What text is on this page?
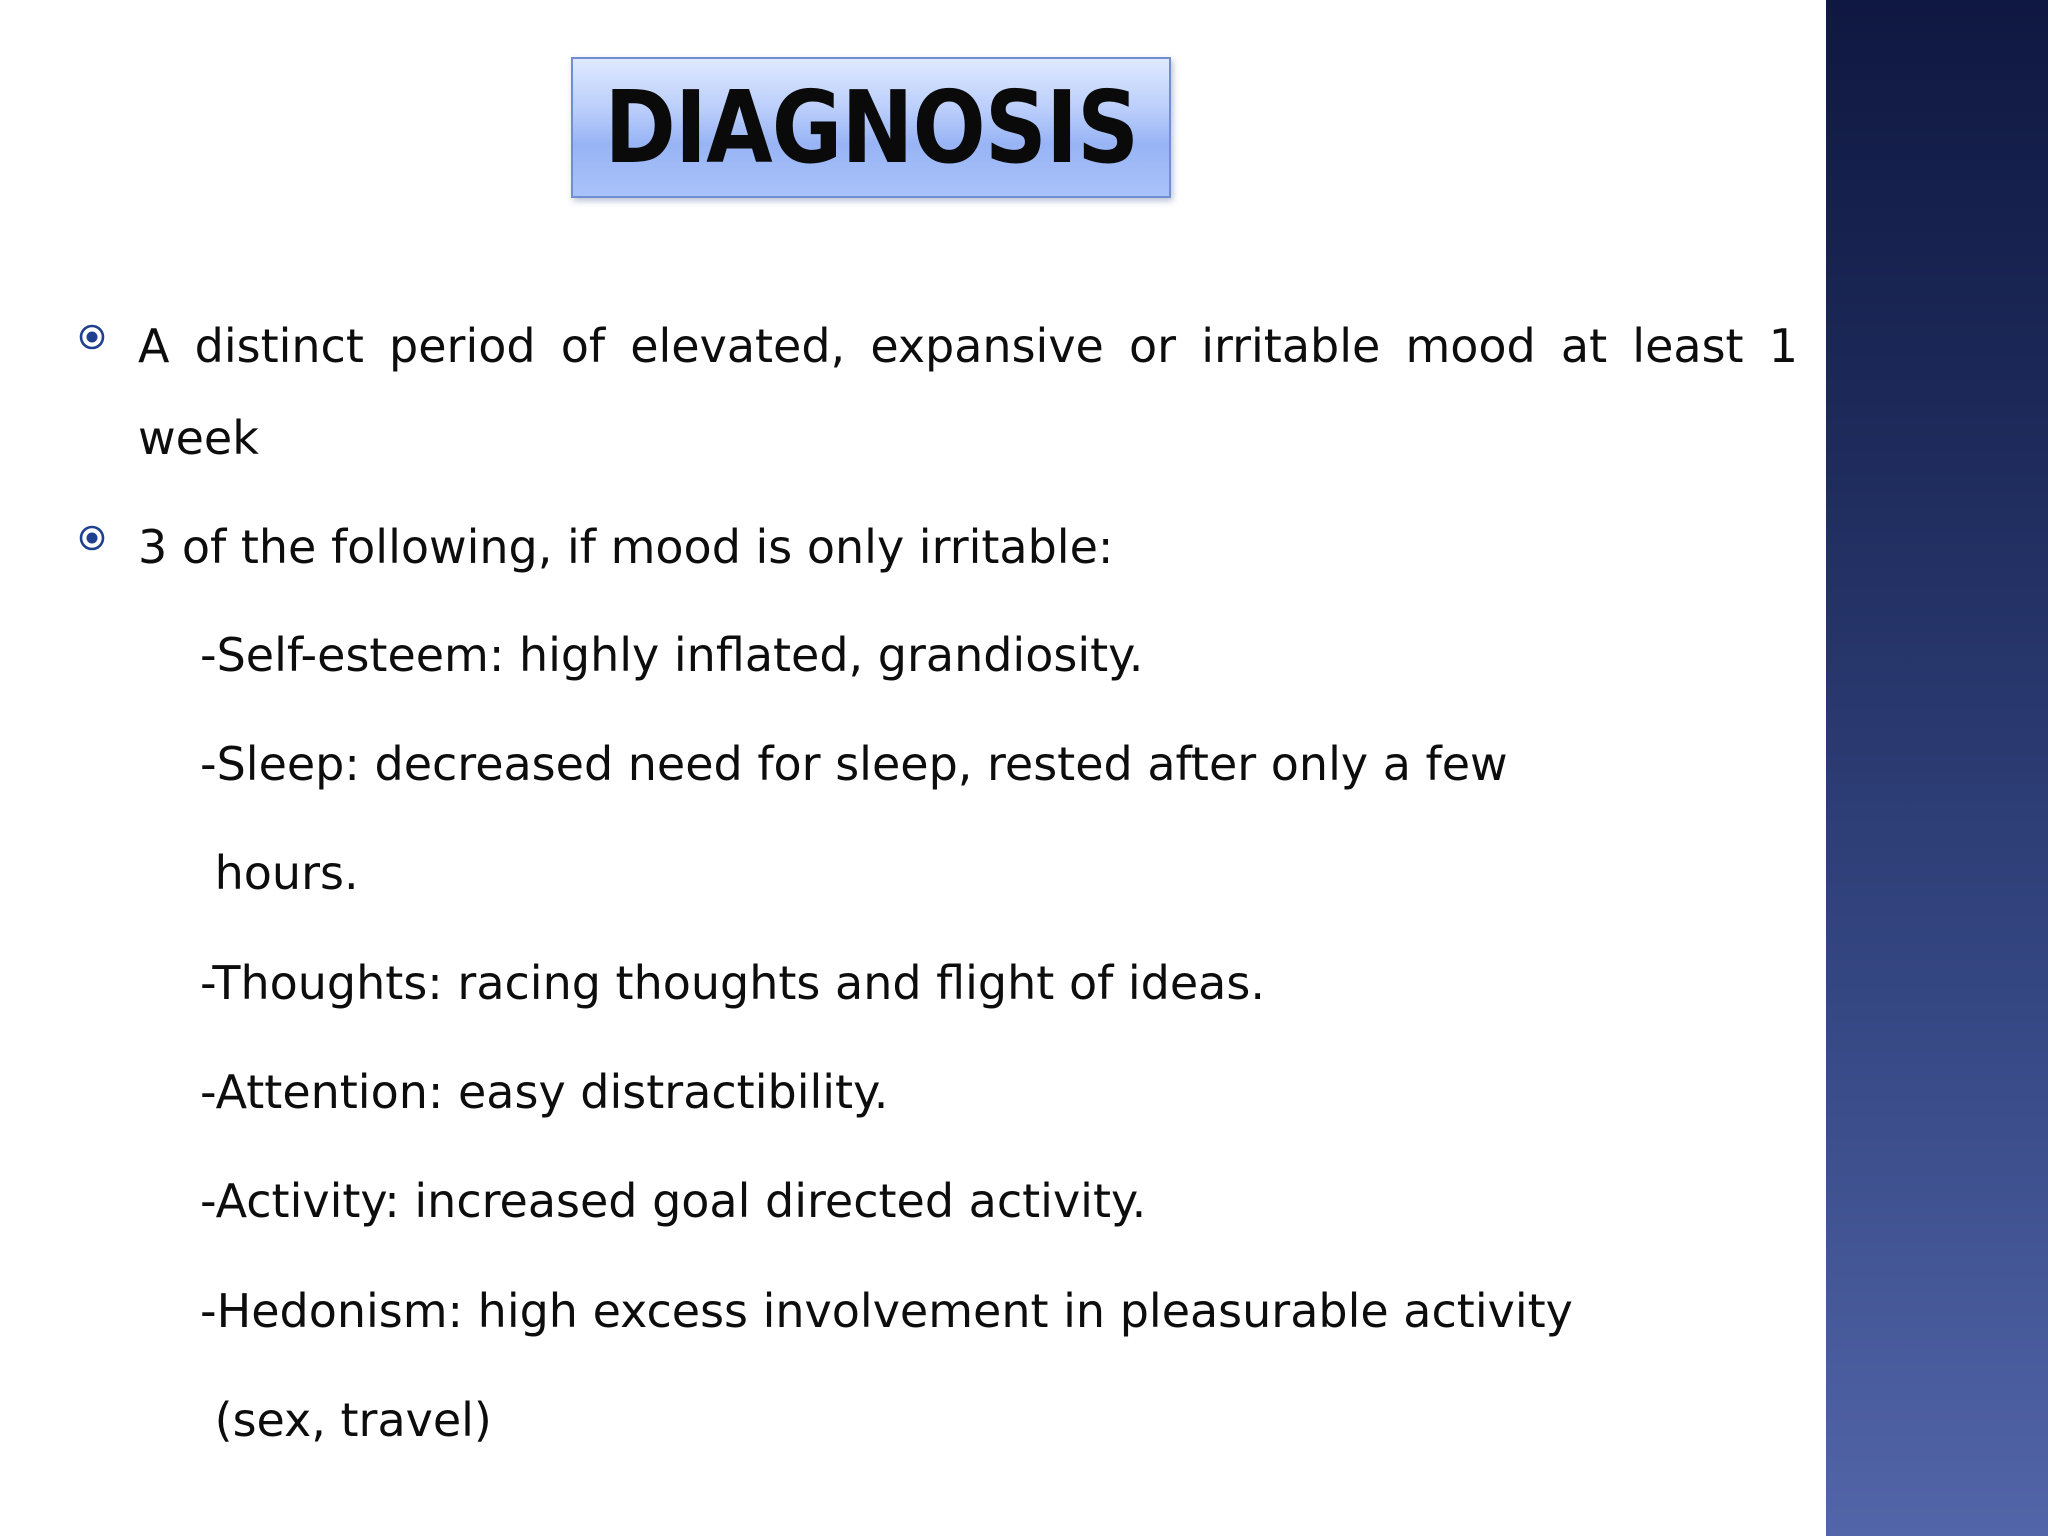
DIAGNOSIS
A distinct period of elevated, expansive or irritable mood at least 1 week
3 of the following, if mood is only irritable:
-Self-esteem: highly inflated, grandiosity.
-Sleep: decreased need for sleep, rested after only a few
hours.
-Thoughts: racing thoughts and flight of ideas.
-Attention: easy distractibility.
-Activity: increased goal directed activity.
-Hedonism: high excess involvement in pleasurable activity
(sex, travel)
